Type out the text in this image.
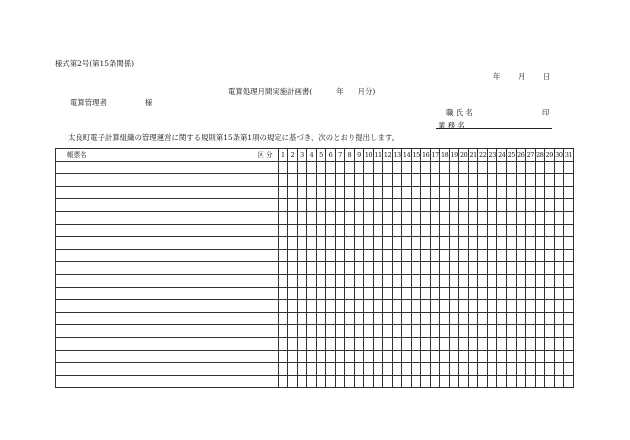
様式第2号(第15条関係)
年 月 日
電算処理月間実施計画書(	年 月分)
電算管理者	様
職 氏 名	印
業 務 名
太良町電子計算組織の管理運営に関する規則第15条第1項の規定に基づき、次のとおり提出します。
帳票名	区 分	1	2	3	4	5	6	7	8	9	10	11	12	13	14	15	16	17	18	19	20	21	22	23	24	25	26	27	28	29	30	31
